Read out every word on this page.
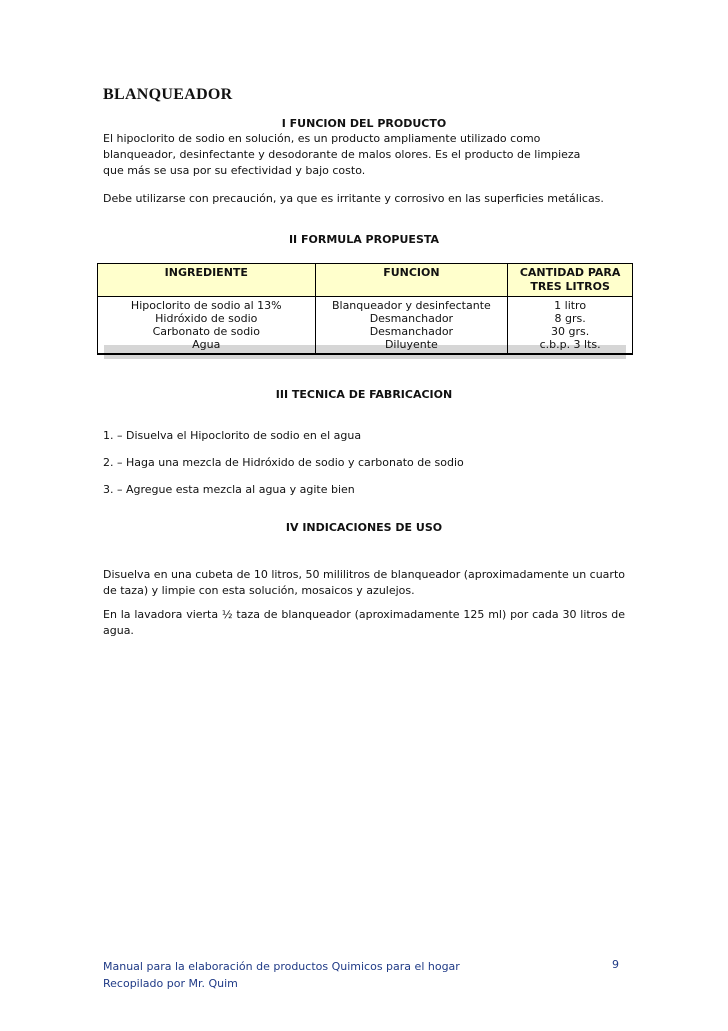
BLANQUEADOR
I FUNCION DEL PRODUCTO
El hipoclorito de sodio en solución, es un producto ampliamente utilizado como
blanqueador, desinfectante y desodorante de malos olores. Es el producto de limpieza
que más se usa por su efectividad y bajo costo.
Debe utilizarse con precaución, ya que es irritante y corrosivo en las superficies metálicas.
II FORMULA PROPUESTA
INGREDIENTE	FUNCION	CANTIDAD PARA TRES LITROS
Hipoclorito de sodio al 13%	Blanqueador y desinfectante	1 litro
Hidróxido de sodio	Desmanchador	8 grs.
Carbonato de sodio	Desmanchador	30 grs.
Agua	Diluyente	c.b.p. 3 lts.
III TECNICA DE FABRICACION
1. – Disuelva el Hipoclorito de sodio en el agua
2. – Haga una mezcla de Hidróxido de sodio y carbonato de sodio
3. – Agregue esta mezcla al agua y agite bien
IV INDICACIONES DE USO
Disuelva en una cubeta de 10 litros, 50 mililitros de blanqueador (aproximadamente un cuarto de taza) y limpie con esta solución, mosaicos y azulejos.
En la lavadora vierta ½ taza de blanqueador (aproximadamente 125 ml) por cada 30 litros de agua.
Manual para la elaboración de productos Quimicos para el hogar
Recopilado por Mr. Quim
9
